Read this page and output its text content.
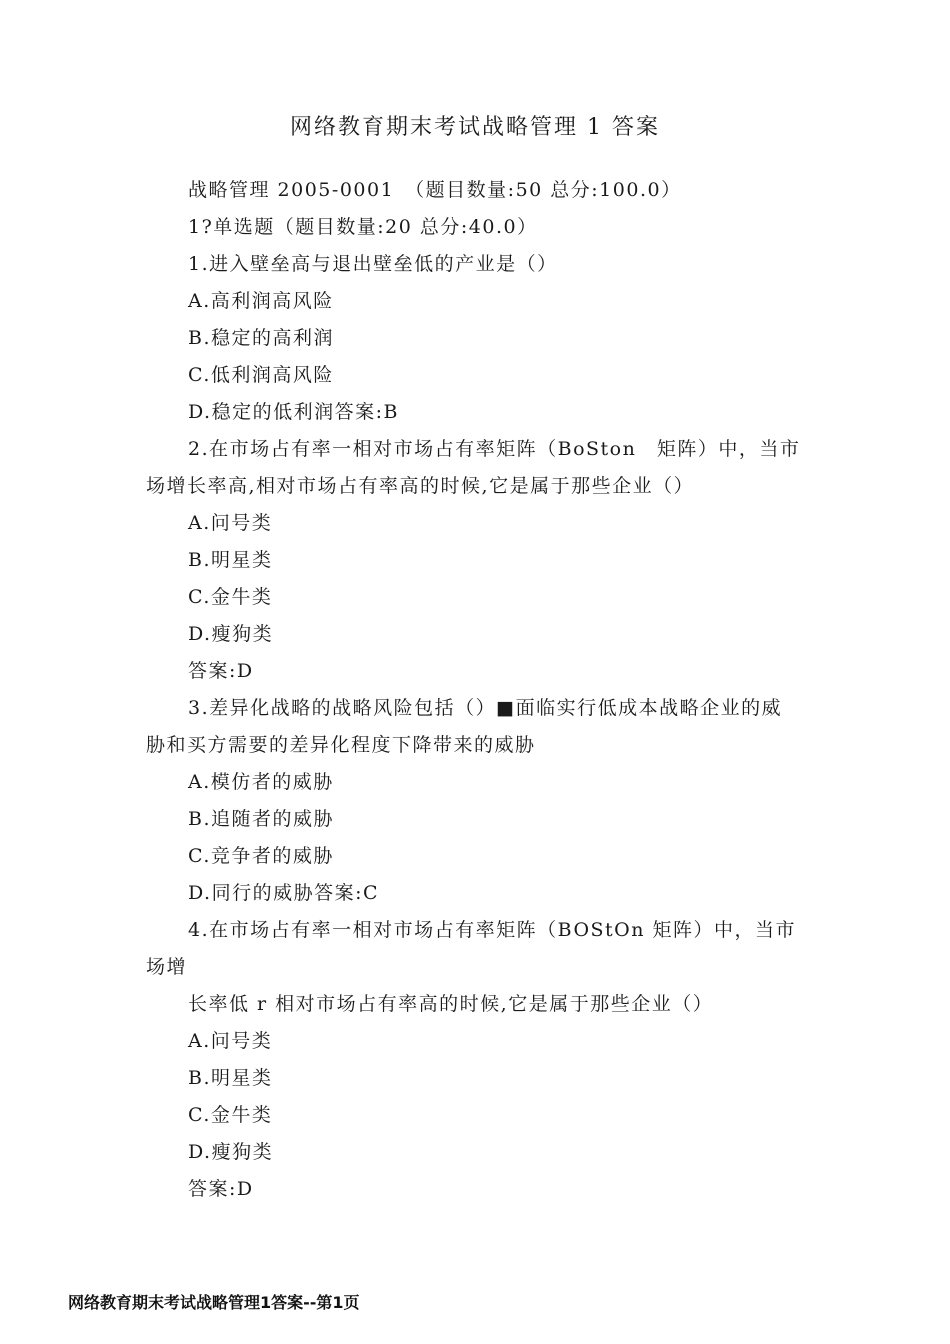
网络教育期末考试战略管理 1 答案
战略管理 2005-0001　（题目数量:50 总分:100.0）
1?单选题（题目数量:20 总分:40.0）
1.进入壁垒高与退出壁垒低的产业是（）
A.高利润高风险
B.稳定的高利润
C.低利润高风险
D.稳定的低利润答案:B
2.在市场占有率一相对市场占有率矩阵（BoSton　矩阵）中，当市
场增长率高,相对市场占有率高的时候,它是属于那些企业（）
A.问号类
B.明星类
C.金牛类
D.瘦狗类
答案:D
3.差异化战略的战略风险包括（）■面临实行低成本战略企业的威
胁和买方需要的差异化程度下降带来的威胁
A.模仿者的威胁
B.追随者的威胁
C.竞争者的威胁
D.同行的威胁答案:C
4.在市场占有率一相对市场占有率矩阵（BOStOn 矩阵）中，当市
场增
长率低 r 相对市场占有率高的时候,它是属于那些企业（）
A.问号类
B.明星类
C.金牛类
D.瘦狗类
答案:D
网络教育期末考试战略管理1答案--第1页
